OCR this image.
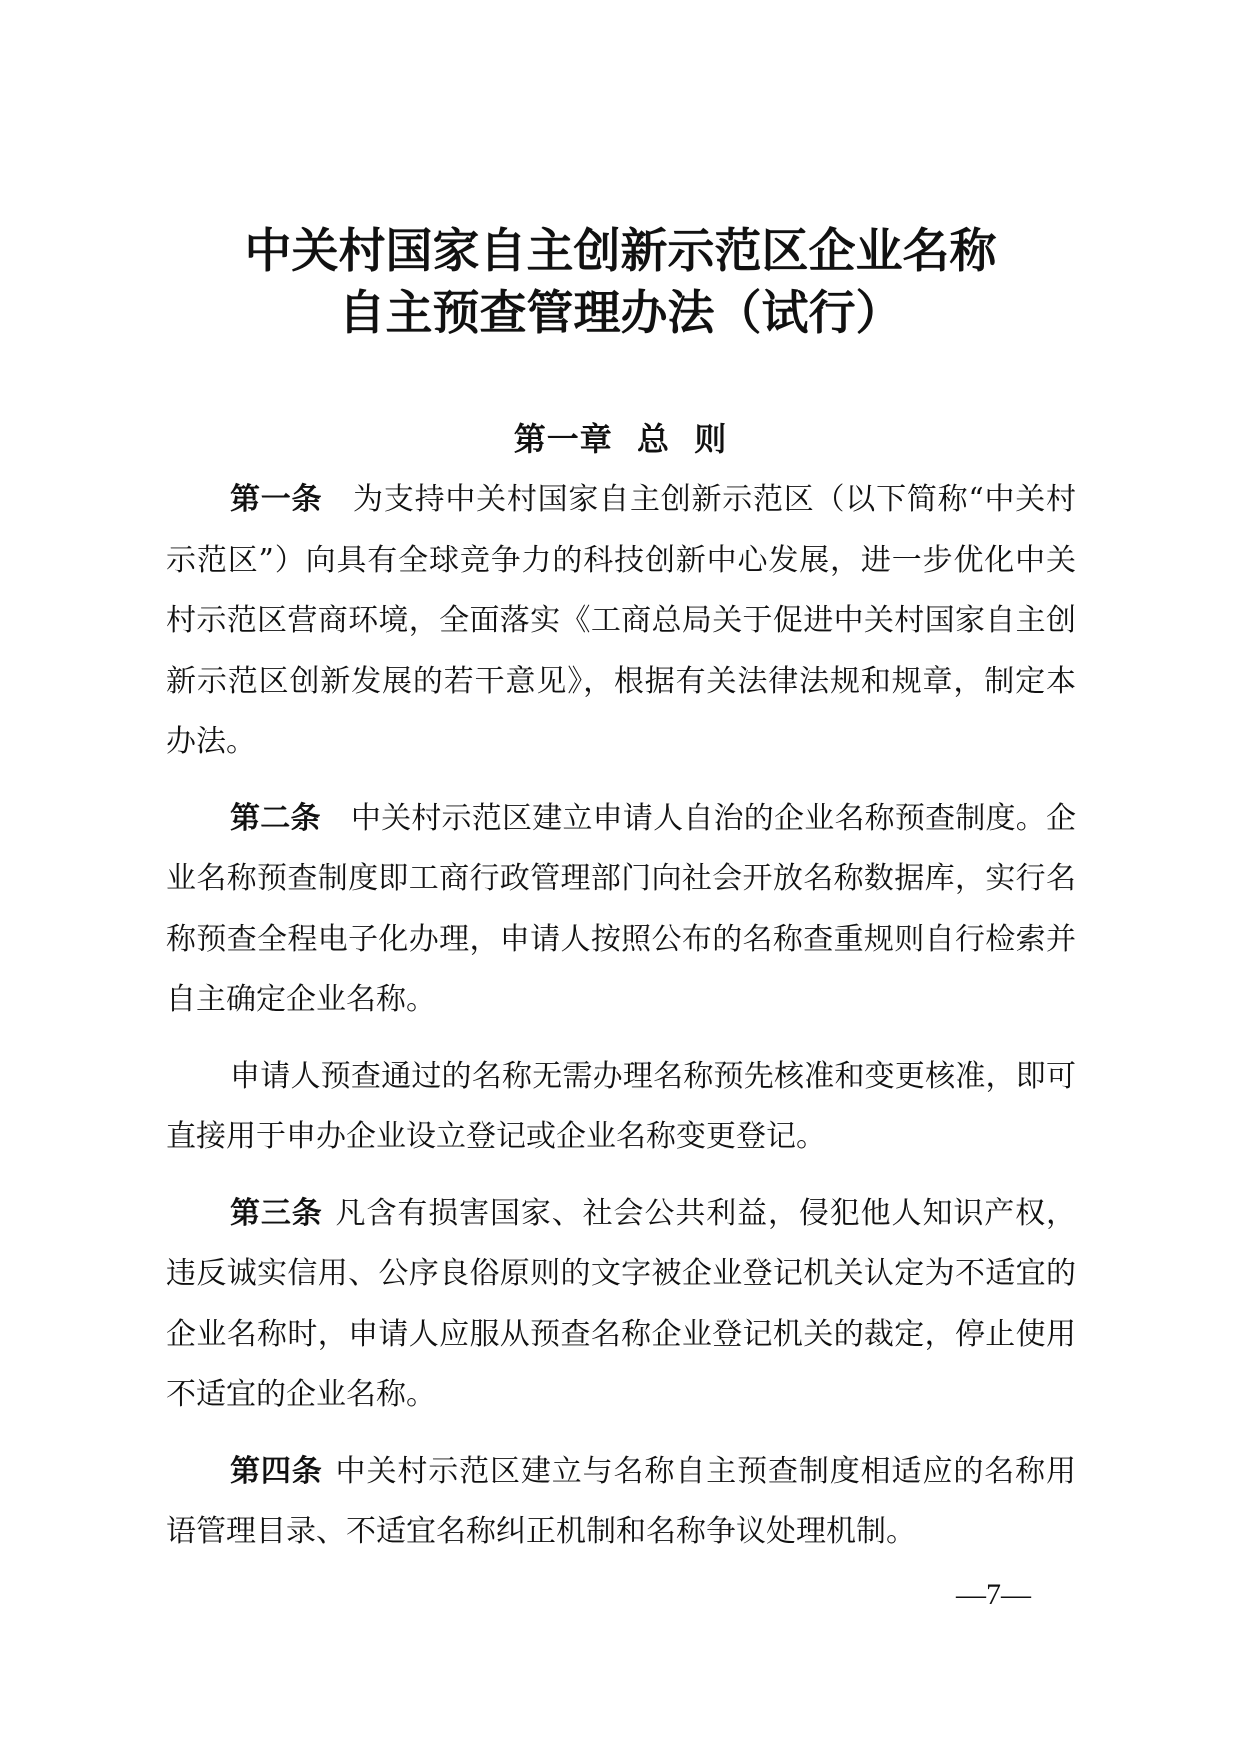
中关村国家自主创新示范区企业名称
自主预查管理办法（试行）
第一章  总  则

第一条 为支持中关村国家自主创新示范区（以下简称“中关村示范区”）向具有全球竞争力的科技创新中心发展，进一步优化中关村示范区营商环境，全面落实《工商总局关于促进中关村国家自主创新示范区创新发展的若干意见》，根据有关法律法规和规章，制定本办法。

第二条 中关村示范区建立申请人自治的企业名称预查制度。企业名称预查制度即工商行政管理部门向社会开放名称数据库，实行名称预查全程电子化办理，申请人按照公布的名称查重规则自行检索并自主确定企业名称。

申请人预查通过的名称无需办理名称预先核准和变更核准，即可直接用于申办企业设立登记或企业名称变更登记。

第三条 凡含有损害国家、社会公共利益，侵犯他人知识产权，违反诚实信用、公序良俗原则的文字被企业登记机关认定为不适宜的企业名称时，申请人应服从预查名称企业登记机关的裁定，停止使用不适宜的企业名称。

第四条 中关村示范区建立与名称自主预查制度相适应的名称用语管理目录、不适宜名称纠正机制和名称争议处理机制。

—7—
